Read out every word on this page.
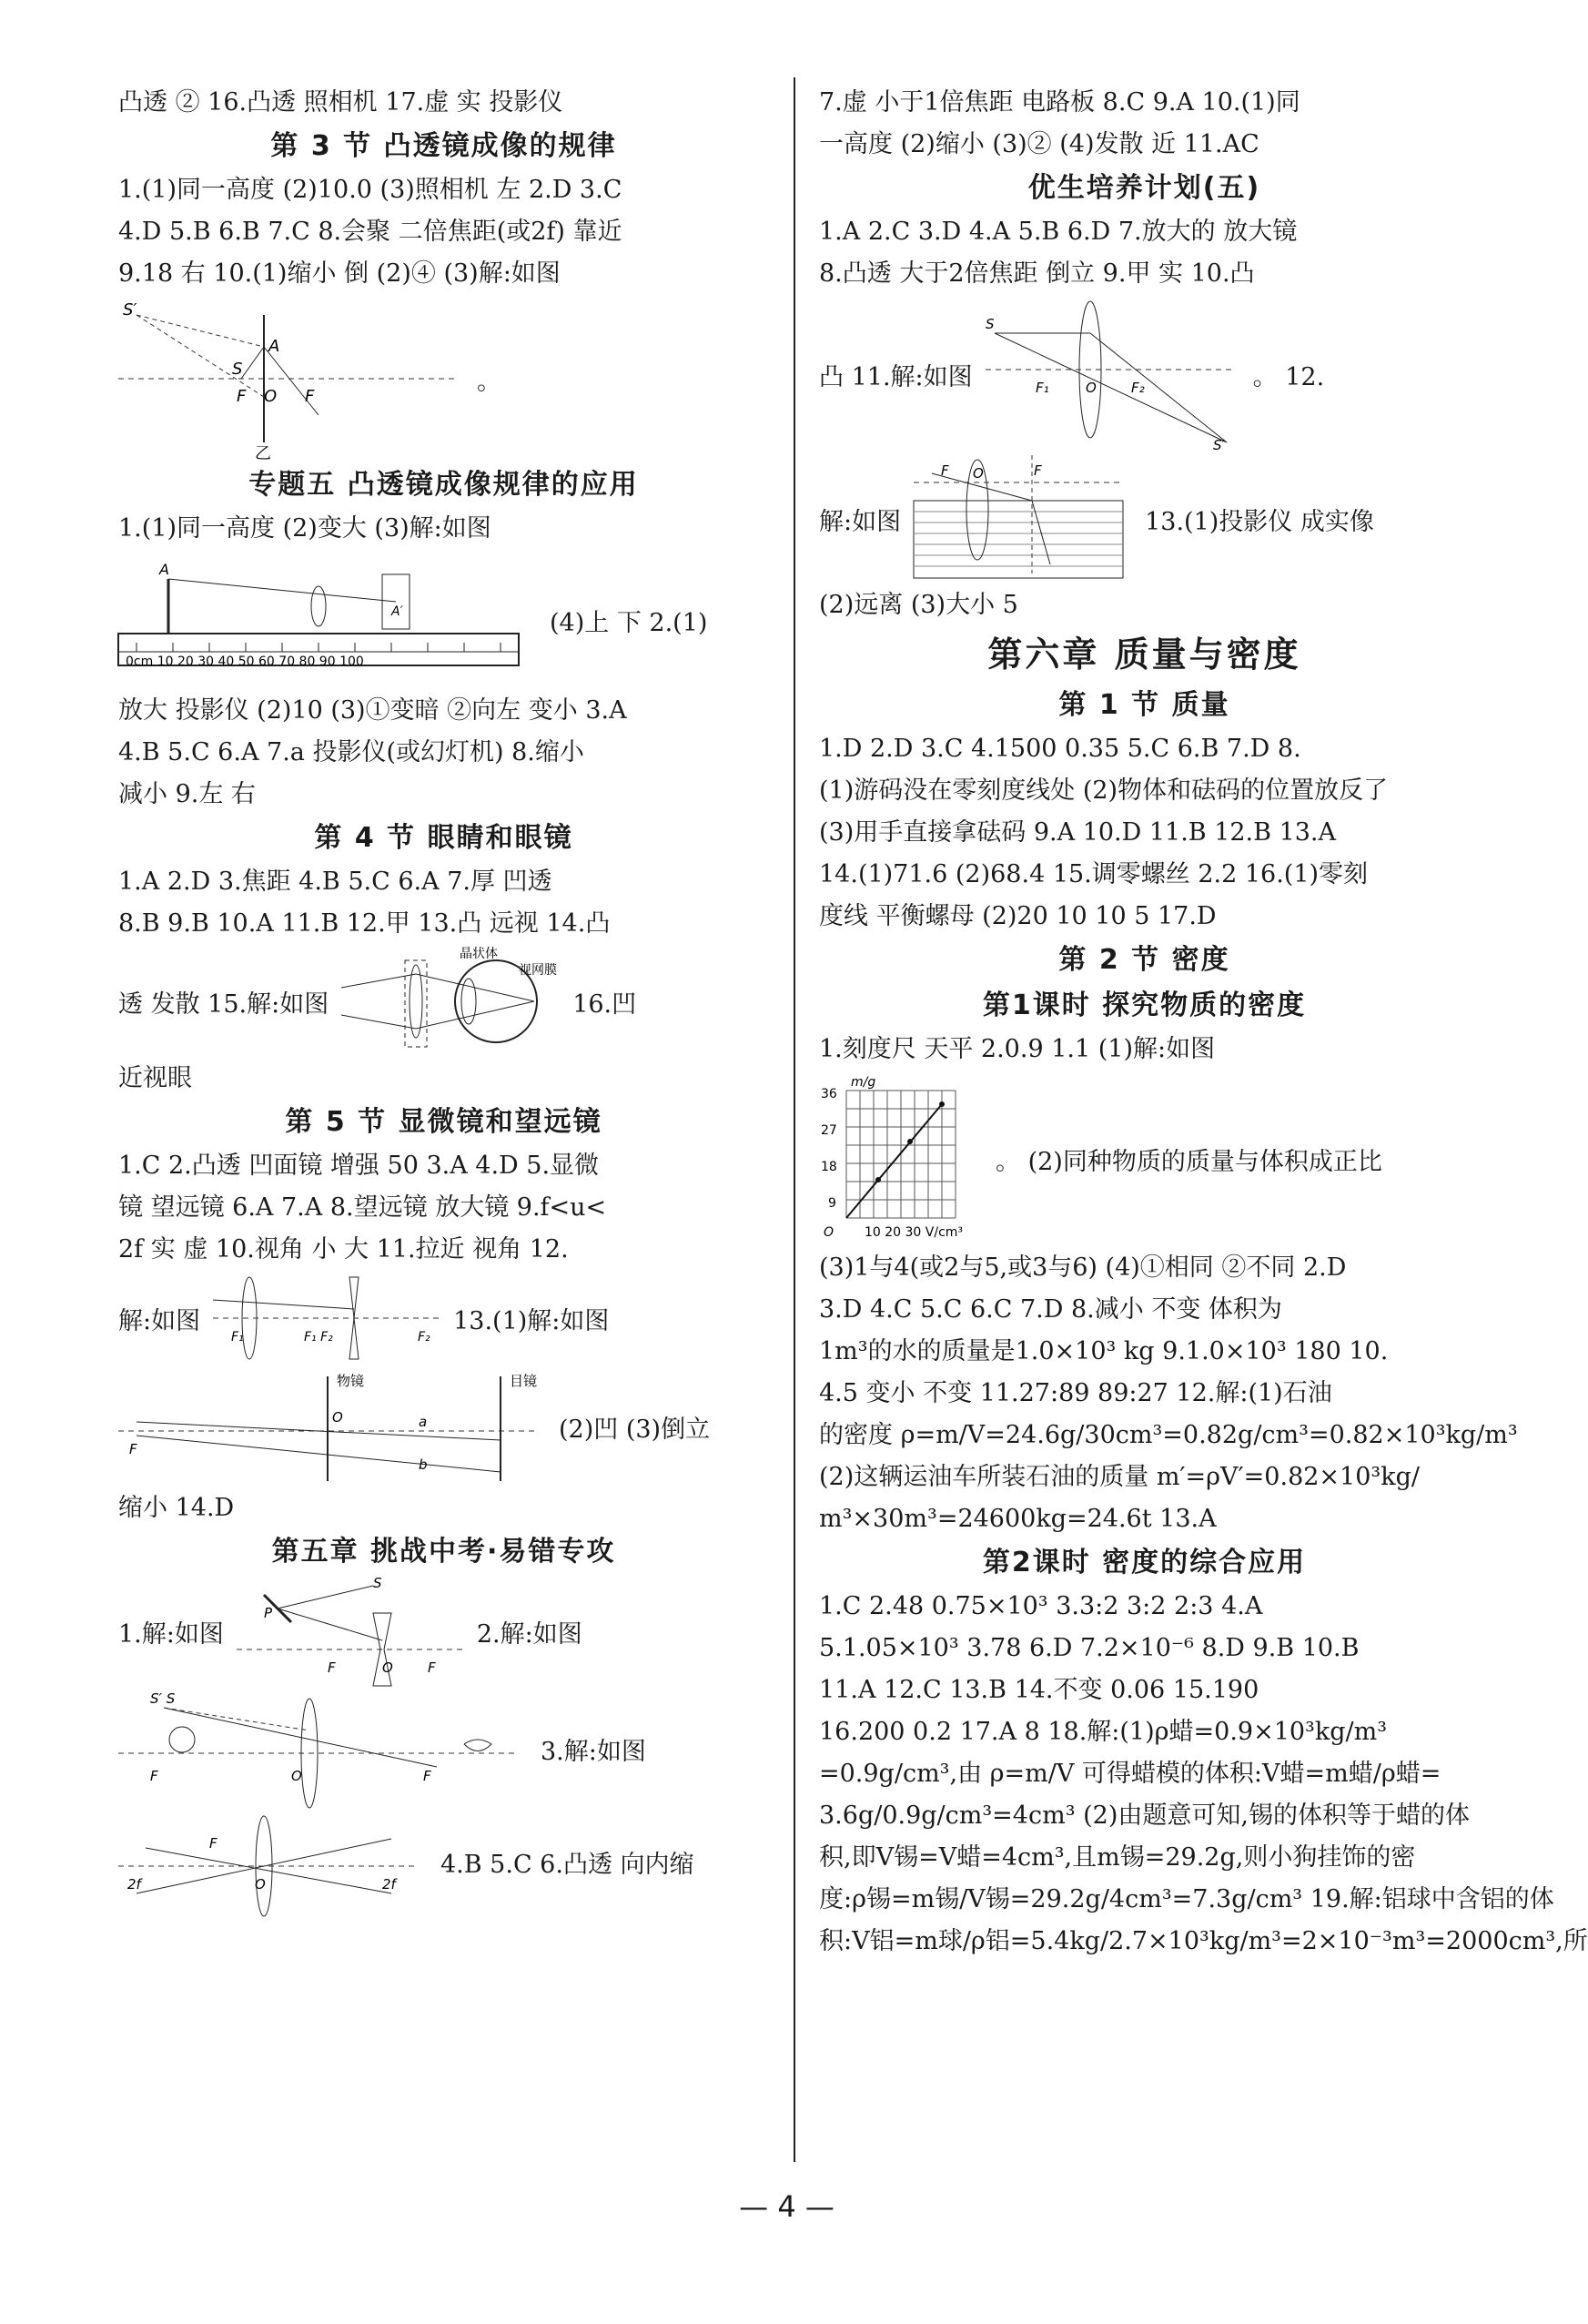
凸透 ② 16.凸透 照相机 17.虚 实 投影仪
第 3 节 凸透镜成像的规律
1.(1)同一高度 (2)10.0 (3)照相机 左 2.D 3.C
4.D 5.B 6.B 7.C 8.会聚 二倍焦距(或2f) 靠近
9.18 右 10.(1)缩小 倒 (2)④ (3)解:如图
S′
A
S
F O F
乙
。
专题五 凸透镜成像规律的应用
1.(1)同一高度 (2)变大 (3)解:如图
0cm 10 20 30 40 50 60 70 80 90 100
A
A′	(4)上 下 2.(1)
放大 投影仪 (2)10 (3)①变暗 ②向左 变小 3.A
4.B 5.C 6.A 7.a 投影仪(或幻灯机) 8.缩小
减小 9.左 右
第 4 节 眼睛和眼镜
1.A 2.D 3.焦距 4.B 5.C 6.A 7.厚 凹透
8.B 9.B 10.A 11.B 12.甲 13.凸 远视 14.凸
透 发散 15.解:如图
晶状体
视网膜
16.凹
近视眼
第 5 节 显微镜和望远镜
1.C 2.凸透 凹面镜 增强 50 3.A 4.D 5.显微
镜 望远镜 6.A 7.A 8.望远镜 放大镜 9.f<u<
2f 实 虚 10.视角 小 大 11.拉近 视角 12.
解:如图
F₁	F₁ F₂	F₂
13.(1)解:如图
物镜	目镜
O	a
b
F
(2)凹 (3)倒立
缩小 14.D
第五章 挑战中考·易错专攻
1.解:如图
S
P
F	O	F
2.解:如图
S′ S
F	O	F
3.解:如图
2f
F
O	2f
4.B 5.C 6.凸透 向内缩
7.虚 小于1倍焦距 电路板 8.C 9.A 10.(1)同
一高度 (2)缩小 (3)② (4)发散 近 11.AC
优生培养计划(五)
1.A 2.C 3.D 4.A 5.B 6.D 7.放大的 放大镜
8.凸透 大于2倍焦距 倒立 9.甲 实 10.凸
凸 11.解:如图
S
F₁	O	F₂
S′
。 12.
解:如图
F O	F
13.(1)投影仪 成实像
(2)远离 (3)大小 5
第六章 质量与密度
第 1 节 质量
1.D 2.D 3.C 4.1500 0.35 5.C 6.B 7.D 8.
(1)游码没在零刻度线处 (2)物体和砝码的位置放反了
(3)用手直接拿砝码 9.A 10.D 11.B 12.B 13.A
14.(1)71.6 (2)68.4 15.调零螺丝 2.2 16.(1)零刻
度线 平衡螺母 (2)20 10 10 5 17.D
第 2 节 密度
第1课时 探究物质的密度
1.刻度尺 天平 2.0.9 1.1 (1)解:如图
m/g
36
27
18
9
O 10 20 30 V/cm³
。 (2)同种物质的质量与体积成正比
(3)1与4(或2与5,或3与6) (4)①相同 ②不同 2.D
3.D 4.C 5.C 6.C 7.D 8.减小 不变 体积为
1m³的水的质量是1.0×10³ kg 9.1.0×10³ 180 10.
4.5 变小 不变 11.27:89 89:27 12.解:(1)石油
的密度 ρ=m/V=24.6g/30cm³=0.82g/cm³=0.82×10³kg/m³
(2)这辆运油车所装石油的质量 m′=ρV′=0.82×10³kg/
m³×30m³=24600kg=24.6t 13.A
第2课时 密度的综合应用
1.C 2.48 0.75×10³ 3.3:2 3:2 2:3 4.A
5.1.05×10³ 3.78 6.D 7.2×10⁻⁶ 8.D 9.B 10.B
11.A 12.C 13.B 14.不变 0.06 15.190
16.200 0.2 17.A 8 18.解:(1)ρ蜡=0.9×10³kg/m³
=0.9g/cm³,由 ρ=m/V 可得蜡模的体积:V蜡=m蜡/ρ蜡=
3.6g/0.9g/cm³=4cm³ (2)由题意可知,锡的体积等于蜡的体
积,即V锡=V蜡=4cm³,且m锡=29.2g,则小狗挂饰的密
度:ρ锡=m锡/V锡=29.2g/4cm³=7.3g/cm³ 19.解:铝球中含铝的体
积:V铝=m球/ρ铝=5.4kg/2.7×10³kg/m³=2×10⁻³m³=2000cm³,所
— 4 —
